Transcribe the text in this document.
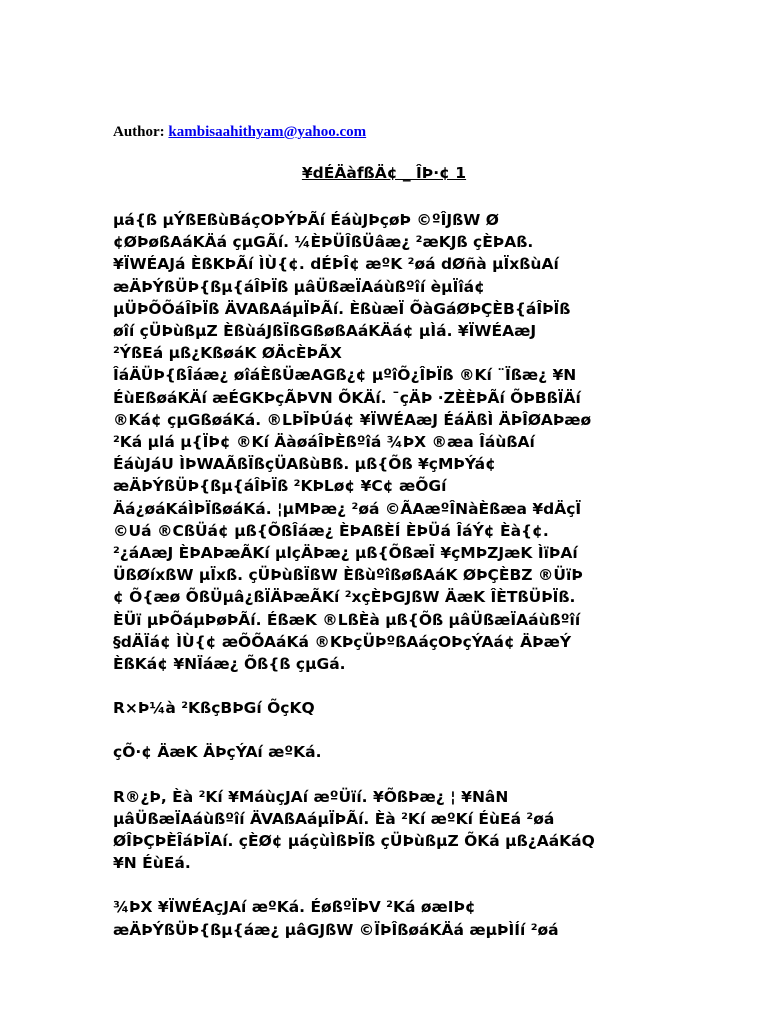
Author: kambisaahithyam@yahoo.com
¥dÉÄàfßÄ¢ _ ÎÞ·¢ 1

µá{ß µÝßEßùBáçOÞÝÞÃí ÉáùJÞçøÞ ©ºÎJßW Ø
¢ØÞøßAáKÄá çµGÃí. ¼ÈÞÜÎßÜâæ¿ ²æKJß çÈÞAß.
¥ÏWÉAJá ÈßKÞÃí ÌÙ{¢. dÉÞÎ¢ æºK ²øá dØñà µÏxßùAí
æÄÞÝßÜÞ{ßµ{áÎÞÏß µâÜßæÏAáùßºîí èµÏîá¢
µÜÞÕÕáÎÞÏß ÄVAßAáµÏÞÃí. ÈßùæÏ ÕàGáØÞÇÈB{áÎÞÏß
øîí çÜÞùßµZ ÈßùáJßÏßGßøßAáKÄá¢ µÌá. ¥ÏWÉAæJ
²ÝßEá µß¿KßøáK ØÄcÈÞÃX
ÎáÄÜÞ{ßÎáæ¿ øîáÈßÜæAGß¿¢ µºîÕ¿ÎÞÏß ®Kí ¨Ïßæ¿ ¥N
ÉùEßøáKÄí æÉGKÞçÃÞVN ÕKÄí. ¯çÄÞ ·ZÈÈÞÃí ÕÞBßÏÄí
®Ká¢ çµGßøáKá. ®LÞÏÞÚá¢ ¥ÏWÉAæJ ÉáÄßÌ ÄÞÎØAÞæø
²Ká µlá µ{ÏÞ¢ ®Kí ÄàøáÎÞÈßºîá ¾ÞX ®æa ÎáùßAí
ÉáùJáU ÌÞWAÃßÏßçÜAßùBß. µß{Õß ¥çMÞÝá¢
æÄÞÝßÜÞ{ßµ{áÎÞÏß ²KÞLø¢ ¥C¢ æÕGí
Äá¿øáKáÌÞÏßøáKá. ¦µMÞæ¿ ²øá ©ÃAæºÎNàÈßæa ¥dÄçÏ
©Uá ®CßÜá¢ µß{ÕßÎáæ¿ ÈÞAßÈÍ ÈÞÜá ÎáÝ¢ Èà{¢.
²¿áAæJ ÈÞAÞæÃKí µlçÄÞæ¿ µß{ÕßæÏ ¥çMÞZJæK ÌïÞAí
ÜßØíxßW µÏxß. çÜÞùßÏßW ÈßùºîßøßAáK ØÞÇÈBZ ®ÜïÞ
¢ Õ{æø ÕßÜµâ¿ßÏÄÞæÃKí ²xçÈÞGJßW ÄæK ÎÈTßÜÞÏß.
ÈÜï µÞÕáµÞøÞÃí. ÉßæK ®LßÈà µß{Õß µâÜßæÏAáùßºîí
§dÄÏá¢ ÌÙ{¢ æÕÕAáKá ®KÞçÜÞºßAáçOÞçÝAá¢ ÄÞæÝ
ÈßKá¢ ¥NÏáæ¿ Õß{ß çµGá.

R×Þ¼à ²KßçBÞGí ÕçKQ

çÕ·¢ ÄæK ÄÞçÝAí æºKá.

R®¿Þ, Èà ²Kí ¥MáùçJAí æºÜïí. ¥ÕßÞæ¿ ¦ ¥NâN
µâÜßæÏAáùßºîí ÄVAßAáµÏÞÃí. Èà ²Kí æºKí ÉùEá ²øá
ØÎÞÇÞÈÎáÞÏAí. çÈØ¢ µáçùÌßÞÏß çÜÞùßµZ ÕKá µß¿AáKáQ
¥N ÉùEá.

¾ÞX ¥ÏWÉAçJAí æºKá. ÉøßºÏÞV ²Ká øæIÞ¢
æÄÞÝßÜÞ{ßµ{áæ¿ µâGJßW ©ÏÞÎßøáKÄá æµÞÌÍí ²øá
